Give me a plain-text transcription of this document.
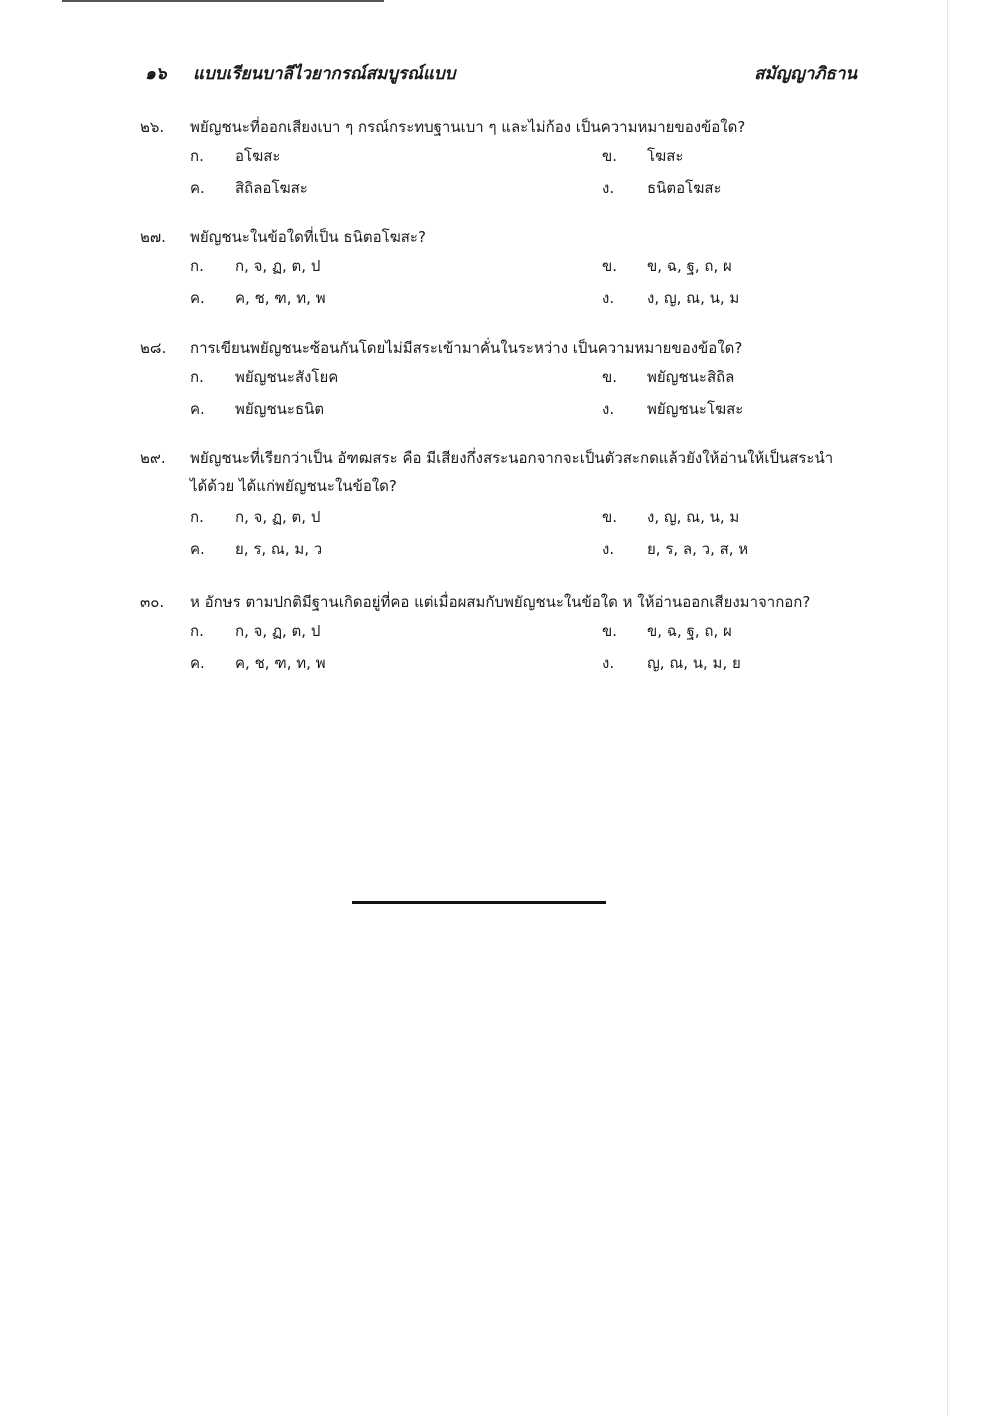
๑๖ แบบเรียนบาลีไวยากรณ์สมบูรณ์แบบ	สมัญญาภิธาน
๒๖. พยัญชนะที่ออกเสียงเบา ๆ กรณ์กระทบฐานเบา ๆ และไม่ก้อง เป็นความหมายของข้อใด?
ก. อโฆสะ	ข. โฆสะ
ค. สิถิลอโฆสะ	ง. ธนิตอโฆสะ
๒๗. พยัญชนะในข้อใดที่เป็น ธนิตอโฆสะ?
ก. ก, จ, ฏ, ต, ป	ข. ข, ฉ, ฐ, ถ, ผ
ค. ค, ช, ฑ, ท, พ	ง. ง, ญ, ณ, น, ม
๒๘. การเขียนพยัญชนะซ้อนกันโดยไม่มีสระเข้ามาคั่นในระหว่าง เป็นความหมายของข้อใด?
ก. พยัญชนะสังโยค	ข. พยัญชนะสิถิล
ค. พยัญชนะธนิต	ง. พยัญชนะโฆสะ
๒๙. พยัญชนะที่เรียกว่าเป็น อัฑฒสระ คือ มีเสียงกึ่งสระนอกจากจะเป็นตัวสะกดแล้วยังให้อ่านให้เป็นสระนำ
ได้ด้วย ได้แก่พยัญชนะในข้อใด?
ก. ก, จ, ฏ, ต, ป	ข. ง, ญ, ณ, น, ม
ค. ย, ร, ณ, ม, ว	ง. ย, ร, ล, ว, ส, ห
๓๐. ห อักษร ตามปกติมีฐานเกิดอยู่ที่คอ แต่เมื่อผสมกับพยัญชนะในข้อใด ห ให้อ่านออกเสียงมาจากอก?
ก. ก, จ, ฏ, ต, ป	ข. ข, ฉ, ฐ, ถ, ผ
ค. ค, ช, ฑ, ท, พ	ง. ญ, ณ, น, ม, ย
